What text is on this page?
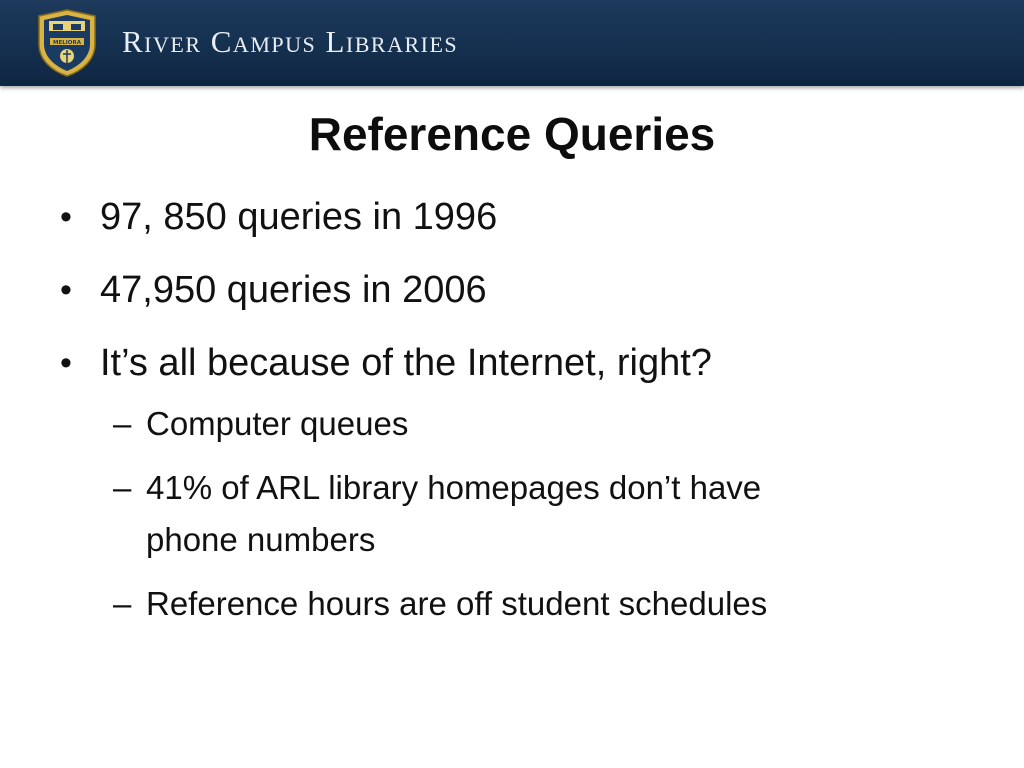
MELIORA River Campus Libraries
Reference Queries
• 97, 850 queries in 1996
• 47,950 queries in 2006
• It’s all because of the Internet, right?
– Computer queues
– 41% of ARL library homepages don’t have
phone numbers
– Reference hours are off student schedules
